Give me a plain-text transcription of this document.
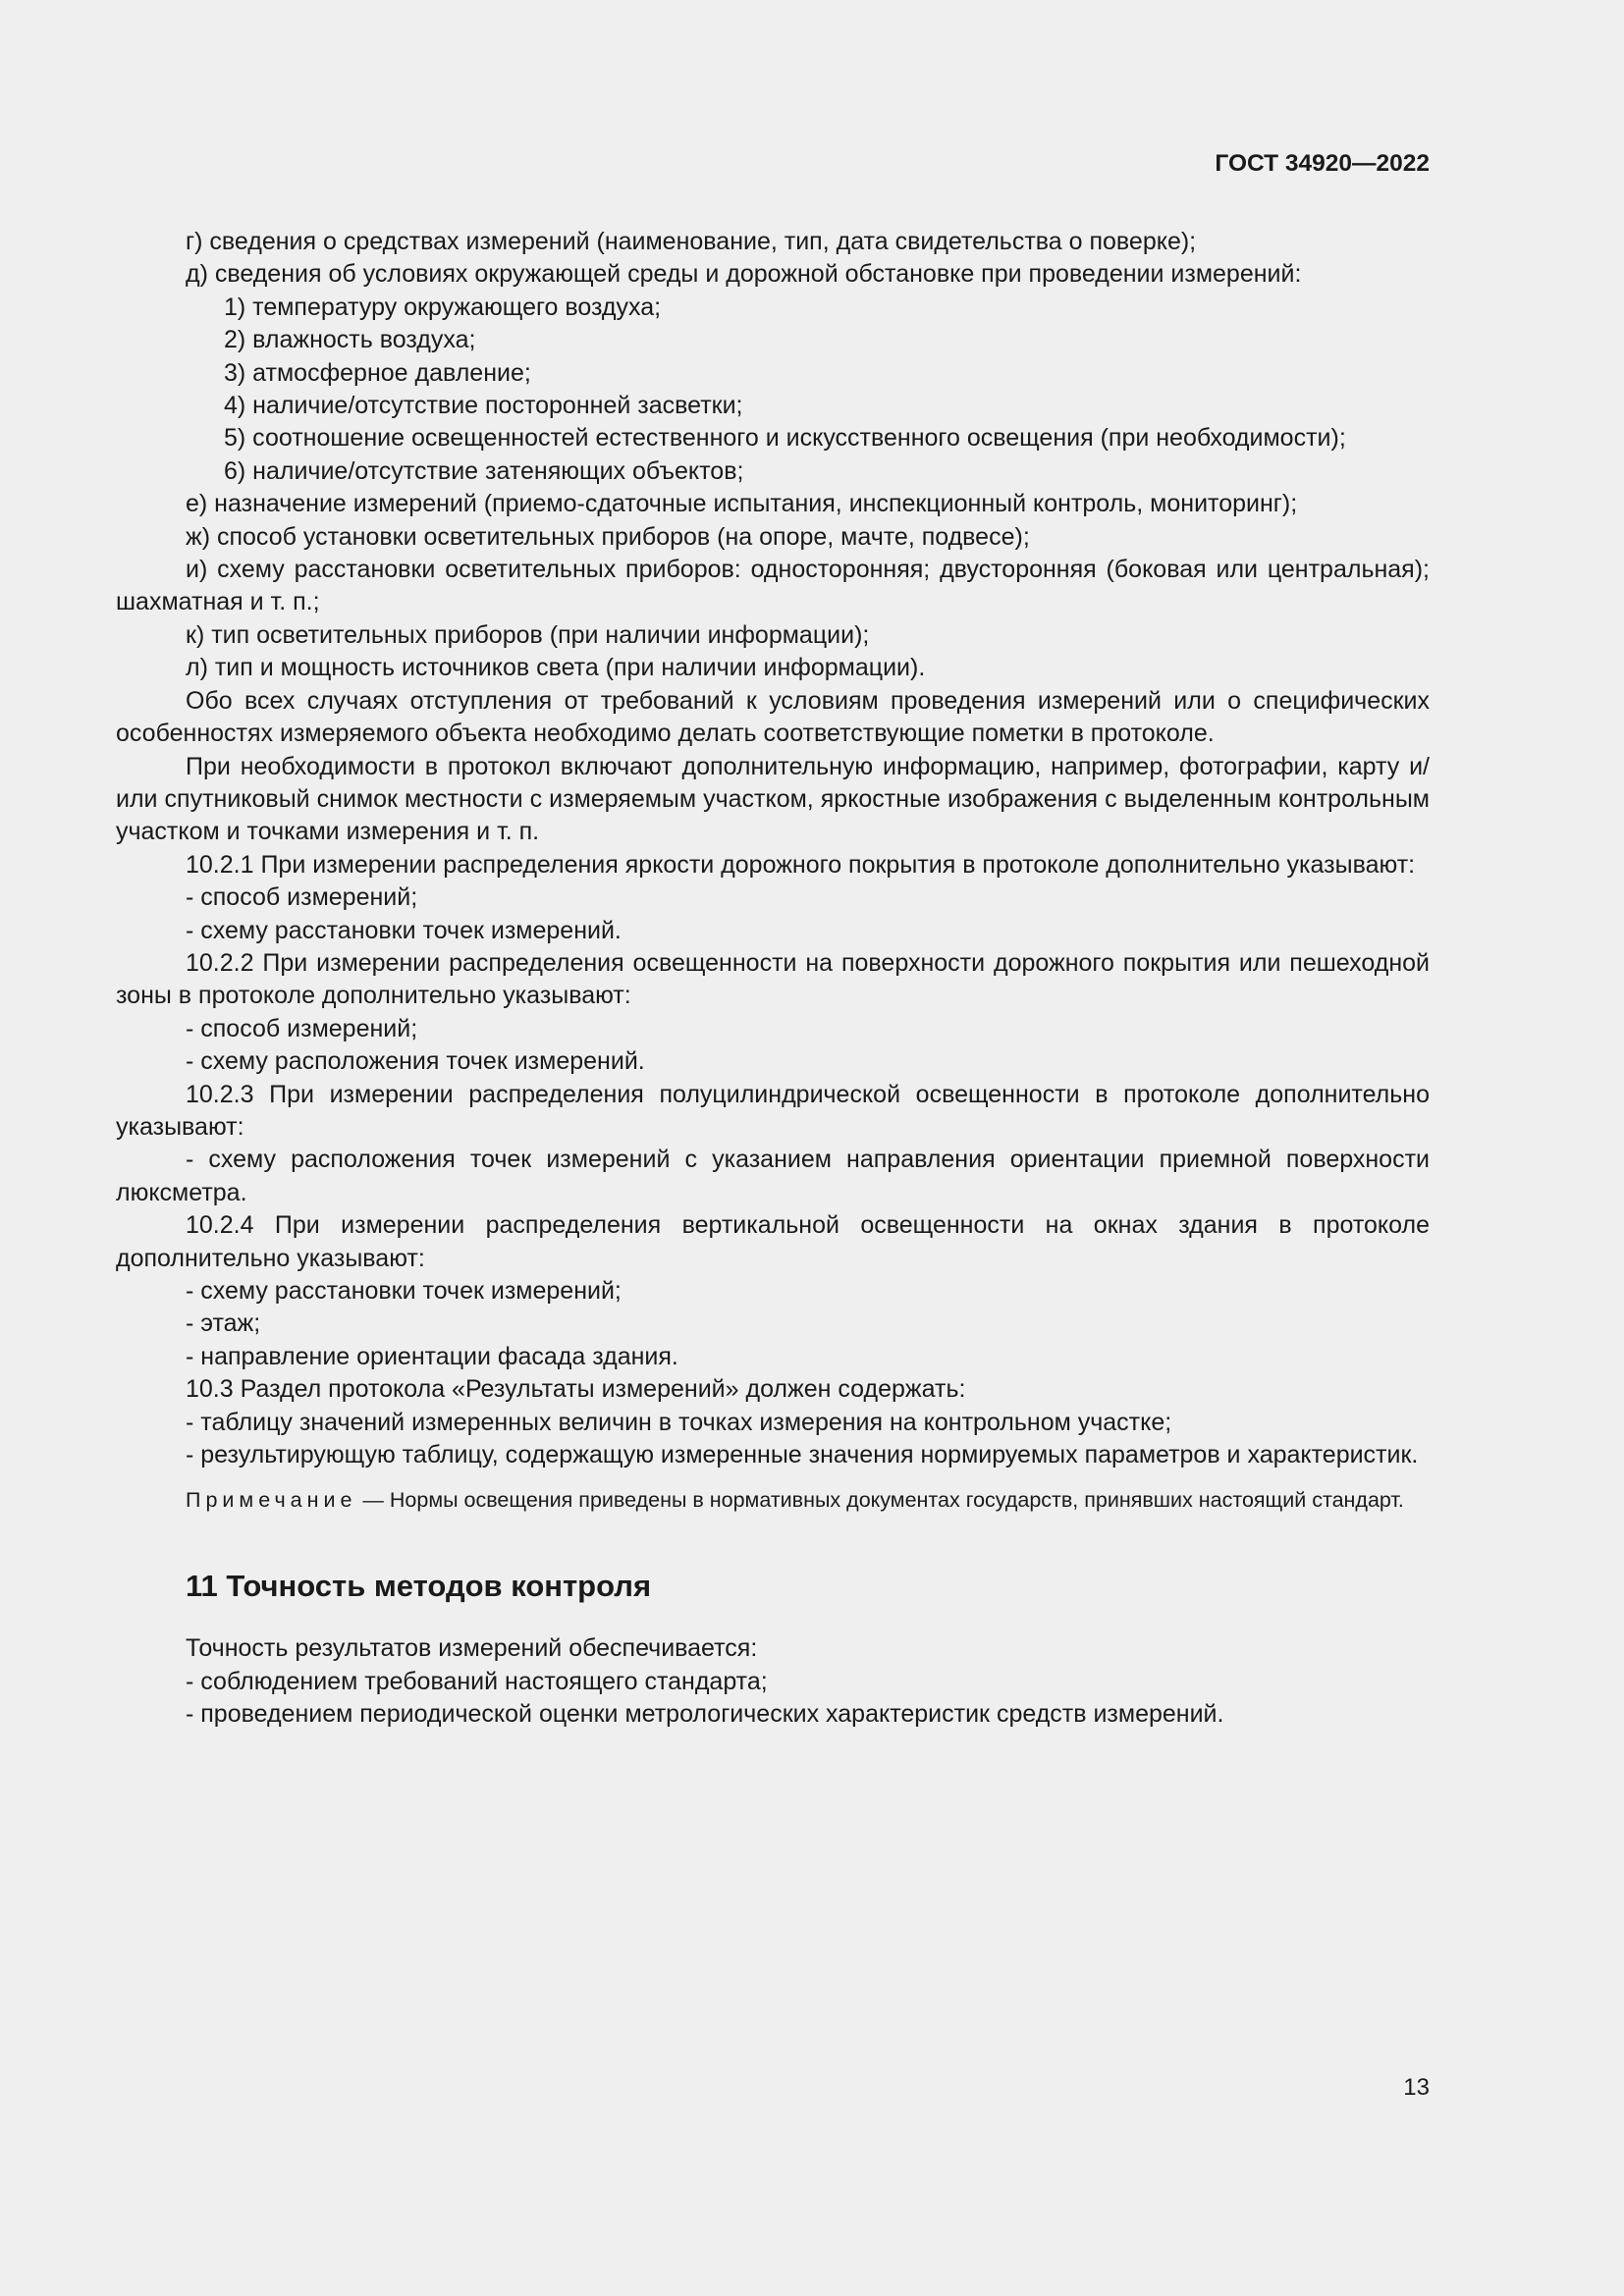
ГОСТ 34920—2022

г) сведения о средствах измерений (наименование, тип, дата свидетельства о поверке);

д) сведения об условиях окружающей среды и дорожной обстановке при проведении измерений:

1) температуру окружающего воздуха;

2) влажность воздуха;

3) атмосферное давление;

4) наличие/отсутствие посторонней засветки;

5) соотношение освещенностей естественного и искусственного освещения (при необходимости);

6) наличие/отсутствие затеняющих объектов;

е) назначение измерений (приемо-сдаточные испытания, инспекционный контроль, мониторинг);

ж) способ установки осветительных приборов (на опоре, мачте, подвесе);

и) схему расстановки осветительных приборов: односторонняя; двусторонняя (боковая или центральная); шахматная и т. п.;

к) тип осветительных приборов (при наличии информации);

л) тип и мощность источников света (при наличии информации).

Обо всех случаях отступления от требований к условиям проведения измерений или о специфических особенностях измеряемого объекта необходимо делать соответствующие пометки в протоколе.

При необходимости в протокол включают дополнительную информацию, например, фотографии, карту и/или спутниковый снимок местности с измеряемым участком, яркостные изображения с выделенным контрольным участком и точками измерения и т. п.

10.2.1 При измерении распределения яркости дорожного покрытия в протоколе дополнительно указывают:

- способ измерений;

- схему расстановки точек измерений.

10.2.2 При измерении распределения освещенности на поверхности дорожного покрытия или пешеходной зоны в протоколе дополнительно указывают:

- способ измерений;

- схему расположения точек измерений.

10.2.3 При измерении распределения полуцилиндрической освещенности в протоколе дополнительно указывают:

- схему расположения точек измерений с указанием направления ориентации приемной поверхности люксметра.

10.2.4 При измерении распределения вертикальной освещенности на окнах здания в протоколе дополнительно указывают:

- схему расстановки точек измерений;

- этаж;

- направление ориентации фасада здания.

10.3 Раздел протокола «Результаты измерений» должен содержать:

- таблицу значений измеренных величин в точках измерения на контрольном участке;

- результирующую таблицу, содержащую измеренные значения нормируемых параметров и характеристик.

Примечание — Нормы освещения приведены в нормативных документах государств, принявших настоящий стандарт.

11 Точность методов контроля

Точность результатов измерений обеспечивается:

- соблюдением требований настоящего стандарта;

- проведением периодической оценки метрологических характеристик средств измерений.

13
